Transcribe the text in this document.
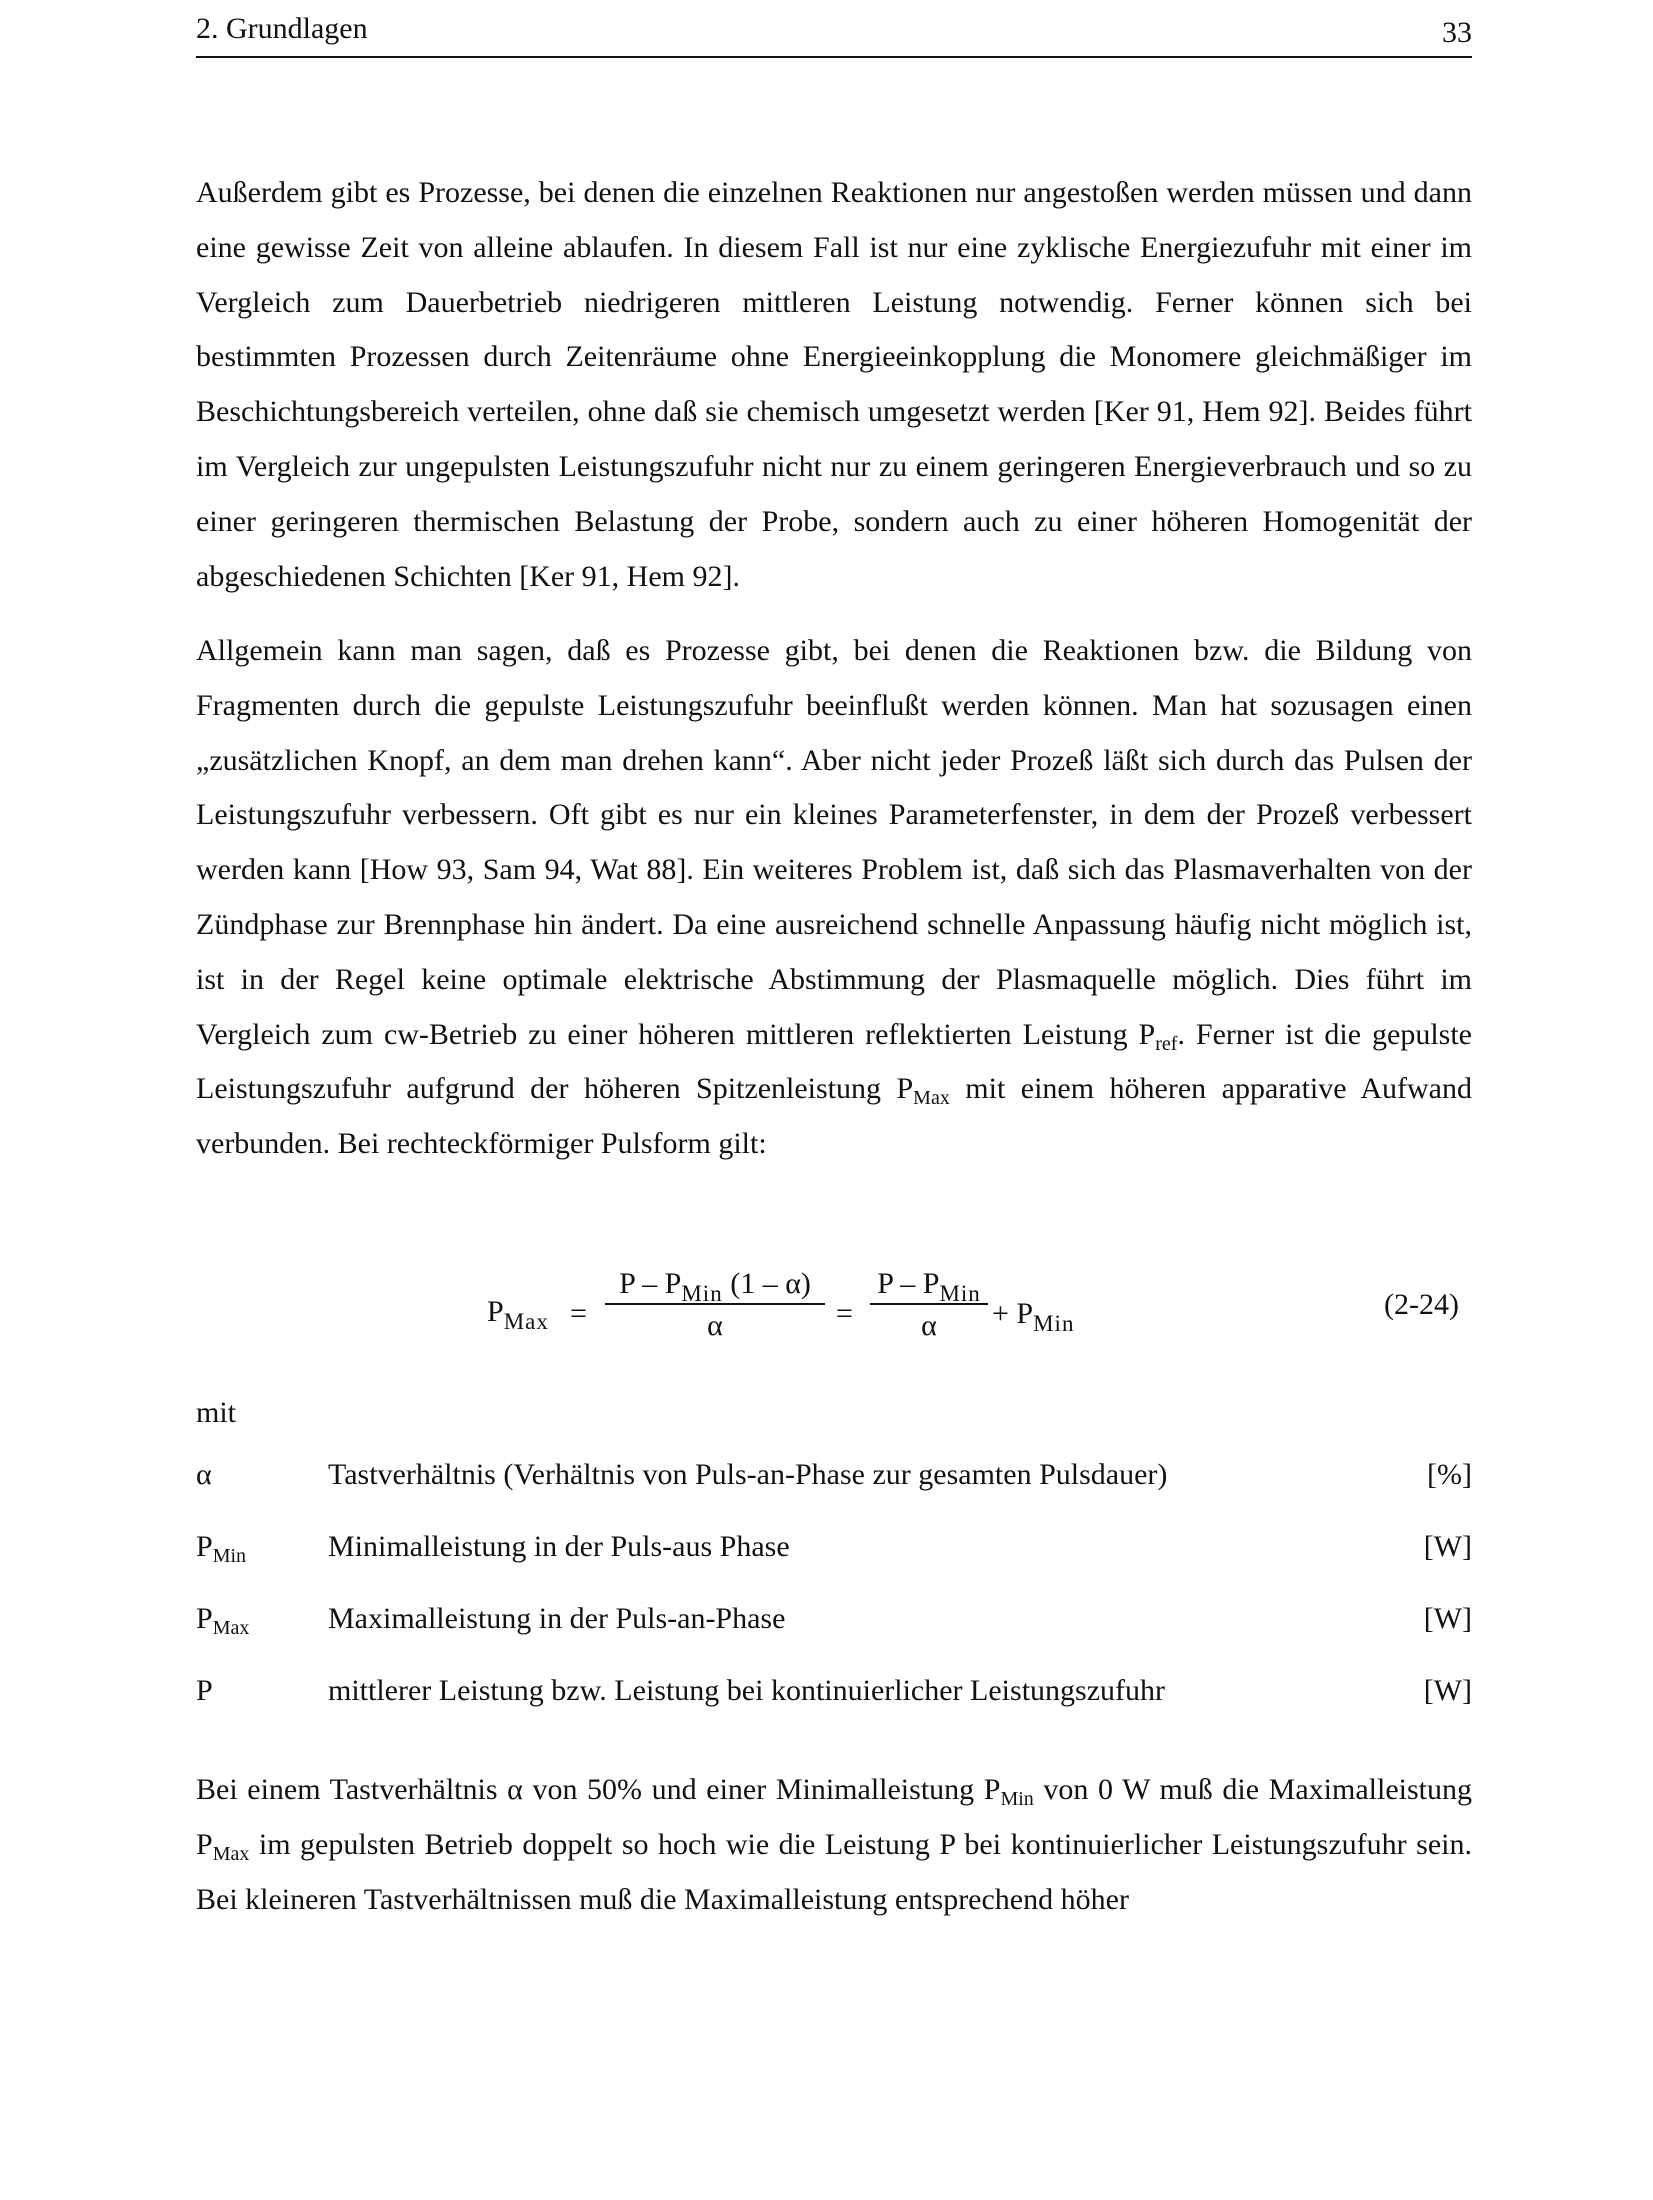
2. Grundlagen	33

Außerdem gibt es Prozesse, bei denen die einzelnen Reaktionen nur angestoßen werden müssen und dann eine gewisse Zeit von alleine ablaufen. In diesem Fall ist nur eine zyklische Energiezufuhr mit einer im Vergleich zum Dauerbetrieb niedrigeren mittleren Leistung notwendig. Ferner können sich bei bestimmten Prozessen durch Zeitenräume ohne Energieeinkopplung die Monomere gleichmäßiger im Beschichtungsbereich verteilen, ohne daß sie chemisch umgesetzt werden [Ker 91, Hem 92]. Beides führt im Vergleich zur ungepulsten Leistungszufuhr nicht nur zu einem geringeren Energieverbrauch und so zu einer geringeren thermischen Belastung der Probe, sondern auch zu einer höheren Homogenität der abgeschiedenen Schichten [Ker 91, Hem 92].

Allgemein kann man sagen, daß es Prozesse gibt, bei denen die Reaktionen bzw. die Bildung von Fragmenten durch die gepulste Leistungszufuhr beeinflußt werden können. Man hat sozusagen einen „zusätzlichen Knopf, an dem man drehen kann“. Aber nicht jeder Prozeß läßt sich durch das Pulsen der Leistungszufuhr verbessern. Oft gibt es nur ein kleines Parameterfenster, in dem der Prozeß verbessert werden kann [How 93, Sam 94, Wat 88]. Ein weiteres Problem ist, daß sich das Plasmaverhalten von der Zündphase zur Brennphase hin ändert. Da eine ausreichend schnelle Anpassung häufig nicht möglich ist, ist in der Regel keine optimale elektrische Abstimmung der Plasmaquelle möglich. Dies führt im Vergleich zum cw-Betrieb zu einer höheren mittleren reflektierten Leistung $P_{ref}$. Ferner ist die gepulste Leistungszufuhr aufgrund der höheren Spitzenleistung $P_{Max}$ mit einem höheren apparative Aufwand verbunden. Bei rechteckförmiger Pulsform gilt:

$P_{Max}$ =
P – $P_{Min}$ (1 – α)
α	=
P – $P_{Min}$
α	+ $P_{Min}$
(2-24)
mit
α	Tastverhältnis (Verhältnis von Puls-an-Phase zur gesamten Pulsdauer)	[%]
$P_{Min}$	Minimalleistung in der Puls-aus Phase	[W]
$P_{Max}$	Maximalleistung in der Puls-an-Phase	[W]
P	mittlerer Leistung bzw. Leistung bei kontinuierlicher Leistungszufuhr	[W]

Bei einem Tastverhältnis α von 50% und einer Minimalleistung $P_{Min}$ von 0 W muß die Maximalleistung $P_{Max}$ im gepulsten Betrieb doppelt so hoch wie die Leistung P bei kontinuierlicher Leistungszufuhr sein. Bei kleineren Tastverhältnissen muß die Maximalleistung entsprechend höher
